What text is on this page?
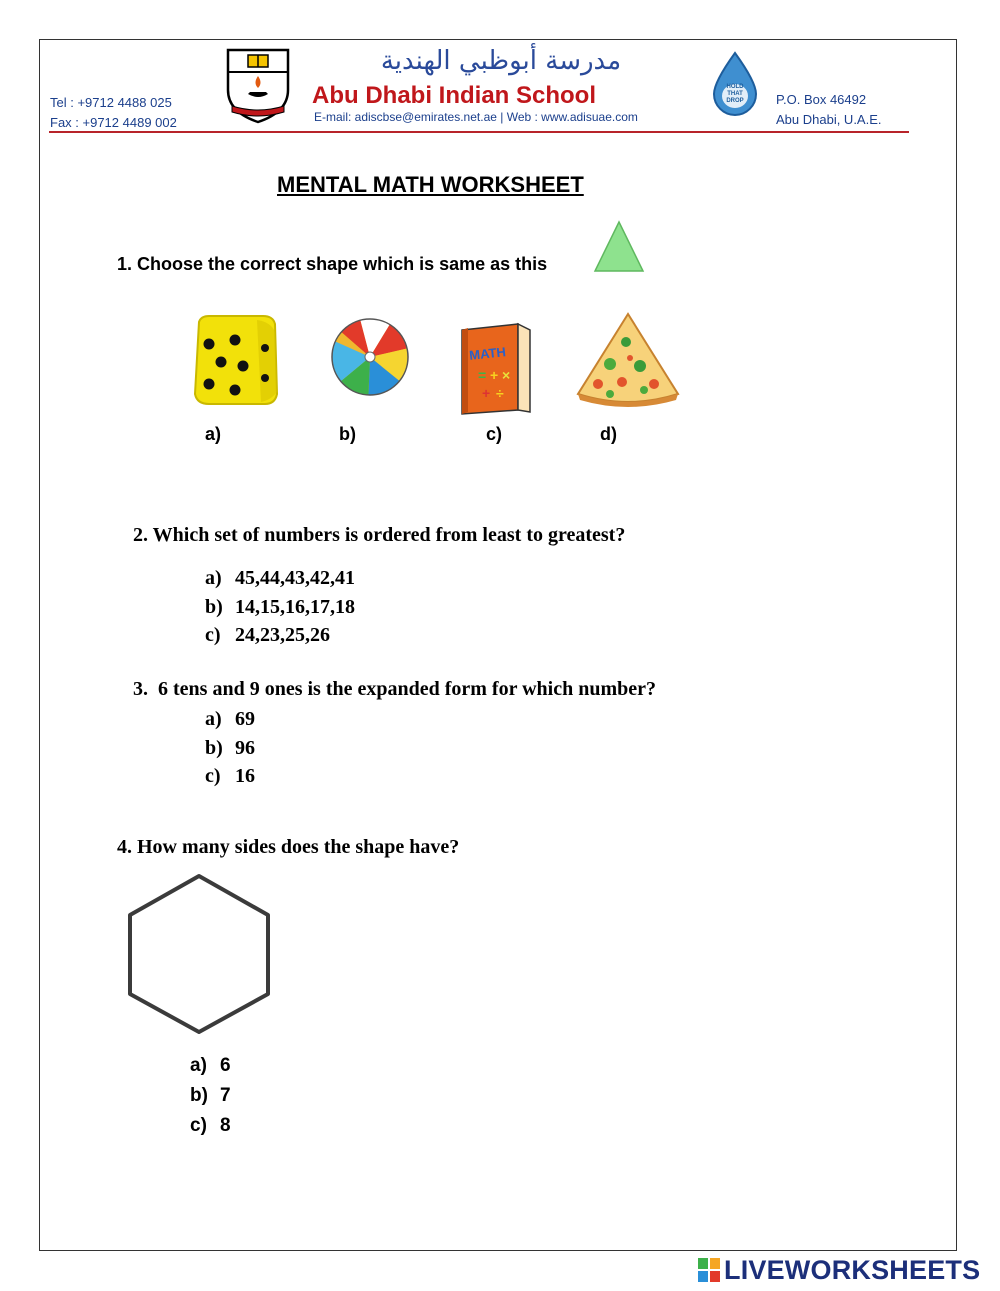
Tel : +9712 4488 025
Fax : +9712 4489 002
مدرسة أبوظبي الهندية
Abu Dhabi Indian School
E-mail: adiscbse@emirates.net.ae | Web : www.adisuae.com
HOLD THAT DROP P.O. Box 46492
Abu Dhabi, U.A.E.
MENTAL MATH WORKSHEET
1. Choose the correct shape which is same as this
MATH
= + ×
+ ÷
a)	b)	c)	d)
2. Which set of numbers is ordered from least to greatest?
a) 45,44,43,42,41
b) 14,15,16,17,18
c) 24,23,25,26
3. 6 tens and 9 ones is the expanded form for which number?
a) 69
b) 96
c) 16
4. How many sides does the shape have?
a) 6
b) 7
c) 8
LIVEWORKSHEETS
